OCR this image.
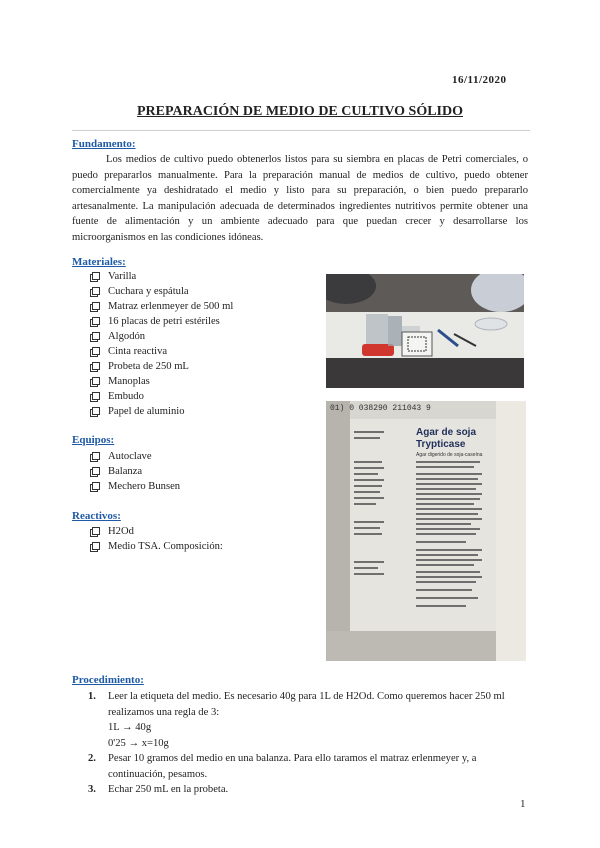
16/11/2020
PREPARACIÓN DE MEDIO DE CULTIVO SÓLIDO
Fundamento:
Los medios de cultivo puedo obtenerlos listos para su siembra en placas de Petri comerciales, o puedo prepararlos manualmente. Para la preparación manual de medios de cultivo, puedo obtener comercialmente ya deshidratado el medio y listo para su preparación, o bien puedo prepararlo artesanalmente. La manipulación adecuada de determinados ingredientes nutritivos permite obtener una fuente de alimentación y un ambiente adecuado para que puedan crecer y desarrollarse los microorganismos en las condiciones idóneas.
Materiales:
Varilla
Cuchara y espátula
Matraz erlenmeyer de 500 ml
16 placas de petri estériles
Algodón
Cinta reactiva
Probeta de 250 mL
Manoplas
Embudo
Papel de aluminio
Equipos:
Autoclave
Balanza
Mechero Bunsen
Reactivos:
H2Od
Medio TSA. Composición:
01) 0 038290 211043 9
Agar de soja
Trypticase
Agar digerido de soja-caseína
Procedimiento:
1. Leer la etiqueta del medio. Es necesario 40g para 1L de H2Od. Como queremos hacer 250 ml realizamos una regla de 3:
1L → 40g
0'25 → x=10g
2. Pesar 10 gramos del medio en una balanza. Para ello taramos el matraz erlenmeyer y, a continuación, pesamos.
3. Echar 250 mL en la probeta.
1
